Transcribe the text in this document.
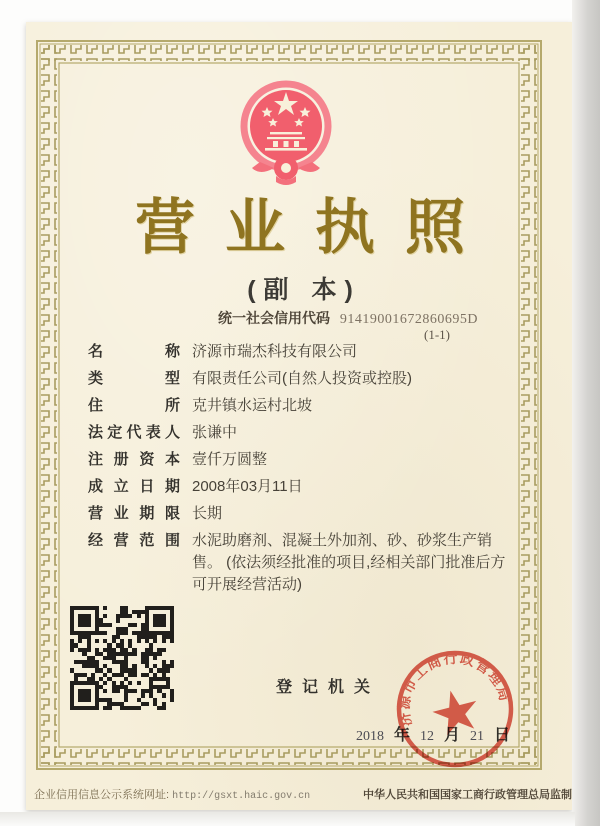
营业执照
(副 本)
统一社会信用代码 91419001672860695D
(1-1)
名	称 济源市瑞杰科技有限公司
类	型 有限责任公司(自然人投资或控股)
住	所 克井镇水运村北坡
法 定 代 表 人 张谦中
注 册 资 本 壹仟万圆整
成 立 日 期 2008年03月11日
营 业 期 限 长期
经 营 范 围 水泥助磨剂、混凝土外加剂、砂、砂浆生产销售。 (依法须经批准的项目,经相关部门批准后方可开展经营活动)
登记机关
2018 年 12 月 21 日
济源市工商行政管理局
企业信用信息公示系统网址: http://gsxt.haic.gov.cn	中华人民共和国国家工商行政管理总局监制
